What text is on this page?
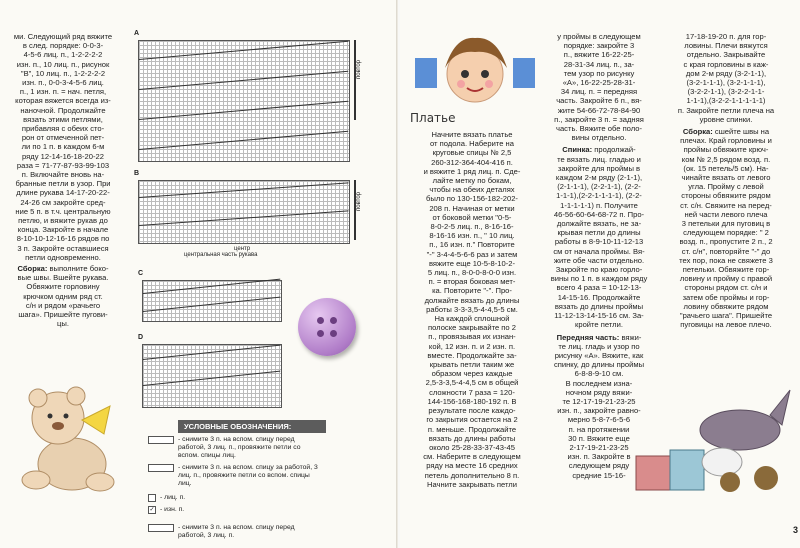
ми. Следующий ряд вяжите

в след. порядке: 0-0-3-

4-5-6 лиц. п., 1-2-2-2-2

изн. п., 10 лиц. п., рисунок

"В", 10 лиц. п., 1-2-2-2-2

изн. п., 0-0-3-4-5-6 лиц.

п., 1 изн. п. = нач. петля,

которая вяжется всегда из-

наночной. Продолжайте

вязать этими петлями,

прибавляя с обеих сто-

рон от отмеченной пет-

ли по 1 п. в каждом 6-м

ряду 12-14-16-18-20-22

раза = 71-77-87-93-99-103

п. Включайте вновь на-

бранные петли в узор. При

длине рукава 14-17-20-22-

24-26 см закройте сред-

ние 5 п. в т.ч. центральную

петлю, и вяжите рукав до

конца. Закройте в начале

8-10-10-12-16-16 рядов по

3 п. Закройте оставшиеся

петли одновременно.

Сборка: выполните боко-

вые швы. Вшейте рукава.

Обвяжите горловину

крючком одним ряд ст.

с/н и рядом «рачьего

шага». Пришейте пугови-

цы.

A
повтор
B
повтор
центр
C
центральная часть рукава
D
УСЛОВНЫЕ ОБОЗНАЧЕНИЯ:
- снимите 3 п. на вспом. спицу перед работой, 3 лиц. п., провяжите петли со вспом. спицы лиц.
- снимите 3 п. на вспом. спицу за работой, 3 лиц. п., провяжите петли со вспом. спицы лиц.
- лиц. п.
✓ - изн. п.
- снимите 3 п. на вспом. спицу перед работой, 3 лиц. п.
Платье

Начните вязать платье

от подола. Наберите на

круговые спицы № 2,5

260-312-364-404-416 п.

и вяжите 1 ряд лиц. п. Сде-

лайте метку по бокам,

чтобы на обеих деталях

было по 130-156-182-202-

208 п. Начиная от метки

от боковой метки "0-5-

8-0-2-5 лиц. п., 8-16-16-

8-16-16 изн. п., " 10 лиц.

п., 16 изн. п." Повторите

"-" 3-4-4-5-6-6 раз и затем

вяжите еще 10-5-8-10-2-

5 лиц. п., 8-0-0-8-0-0 изн.

п. = вторая боковая мет-

ка. Повторите "-". Про-

должайте вязать до длины

работы 3-3-3,5-4-4,5-5 см.

На каждой сплошной

полоске закрывайте по 2

п., провязывая их изнан-

кой, 12 изн. п. и 2 изн. п.

вместе. Продолжайте за-

крывать петли таким же

образом через каждые

2,5-3-3,5-4-4,5 см в общей

сложности 7 раза = 120-

144-156-168-180-192 п. В

результате после каждо-

го закрытия остается на 2

п. меньше. Продолжайте

вязать до длины работы

около 25-28-33-37-43-45

см. Наберите в следующем

ряду на месте 16 средних

петель дополнительно 8 п.

Начните закрывать петли

у проймы в следующем

порядке: закройте 3

п., вяжите 16-22-25-

28-31-34 лиц. п., за-

тем узор по рисунку

«A», 16-22-25-28-31-

34 лиц. п. = передняя

часть. Закройте 6 п., вя-

жите 54-66-72-78-84-90

п., закройте 3 п. = задняя

часть. Вяжите обе поло-

вины отдельно.

Спинка: продолжай-

те вязать лиц. гладью и

закройте для проймы в

каждом 2-м ряду (2-1-1),

(2-1-1-1), (2-2-1-1), (2-2-

1-1-1),(2-2-1-1-1-1), (2-2-

1-1-1-1-1) п. Получите

46-56-60-64-68-72 п. Про-

должайте вязать, не за-

крывая петли до длины

работы в 8-9-10-11-12-13

см от начала проймы. Вя-

жите обе части отдельно.

Закройте по краю горло-

вины по 1 п. в каждом ряду

всего 4 раза = 10-12-13-

14-15-16. Продолжайте

вязать до длины проймы

11-12-13-14-15-16 см. За-

кройте петли.

Передняя часть: вяжи-

те лиц. гладь и узор по

рисунку «A». Вяжите, как

спинку, до длины проймы

6-8-8-9-10 см.

В последнем изна-

ночном ряду вяжи-

те 12-17-19-21-23-25

изн. п., закройте равно-

мерно 5-8-7-6-5-6

п. на протяжении

30 п. Вяжите еще

2-17-19-21-23-25

изн. п. Закройте в

следующем ряду

средние 15-16-

17-18-19-20 п. для гор-

ловины. Плечи вяжутся

отдельно. Закрывайте

с края горловины в каж-

дом 2-м ряду (3-2-1-1),

(3-2-1-1-1), (3-2-1-1-1),

(3-2-2-1-1), (3-2-2-1-1-

1-1-1),(3-2-2-1-1-1-1-1)

п. Закройте петли плеча на

уровне спинки.

Сборка: сшейте швы на

плечах. Край горловины и

проймы обвяжите крюч-

ком № 2,5 рядом возд. п.

(ок. 15 петель/5 см). На-

чинайте вязать от левого

угла. Пройму с левой

стороны обвяжите рядом

ст. с/н. Свяжите на перед-

ней части левого плеча

3 петельки для пуговиц в

следующем порядке: " 2

возд. п., пропустите 2 п., 2

ст. с/н", повторяйте "-" до

тех пор, пока не свяжете 3

петельки. Обвяжите гор-

ловину и пройму с правой

стороны рядом ст. с/н и

затем обе проймы и гор-

ловину обвяжите рядом

"рачьего шага". Пришейте

пуговицы на левое плечо.

3
